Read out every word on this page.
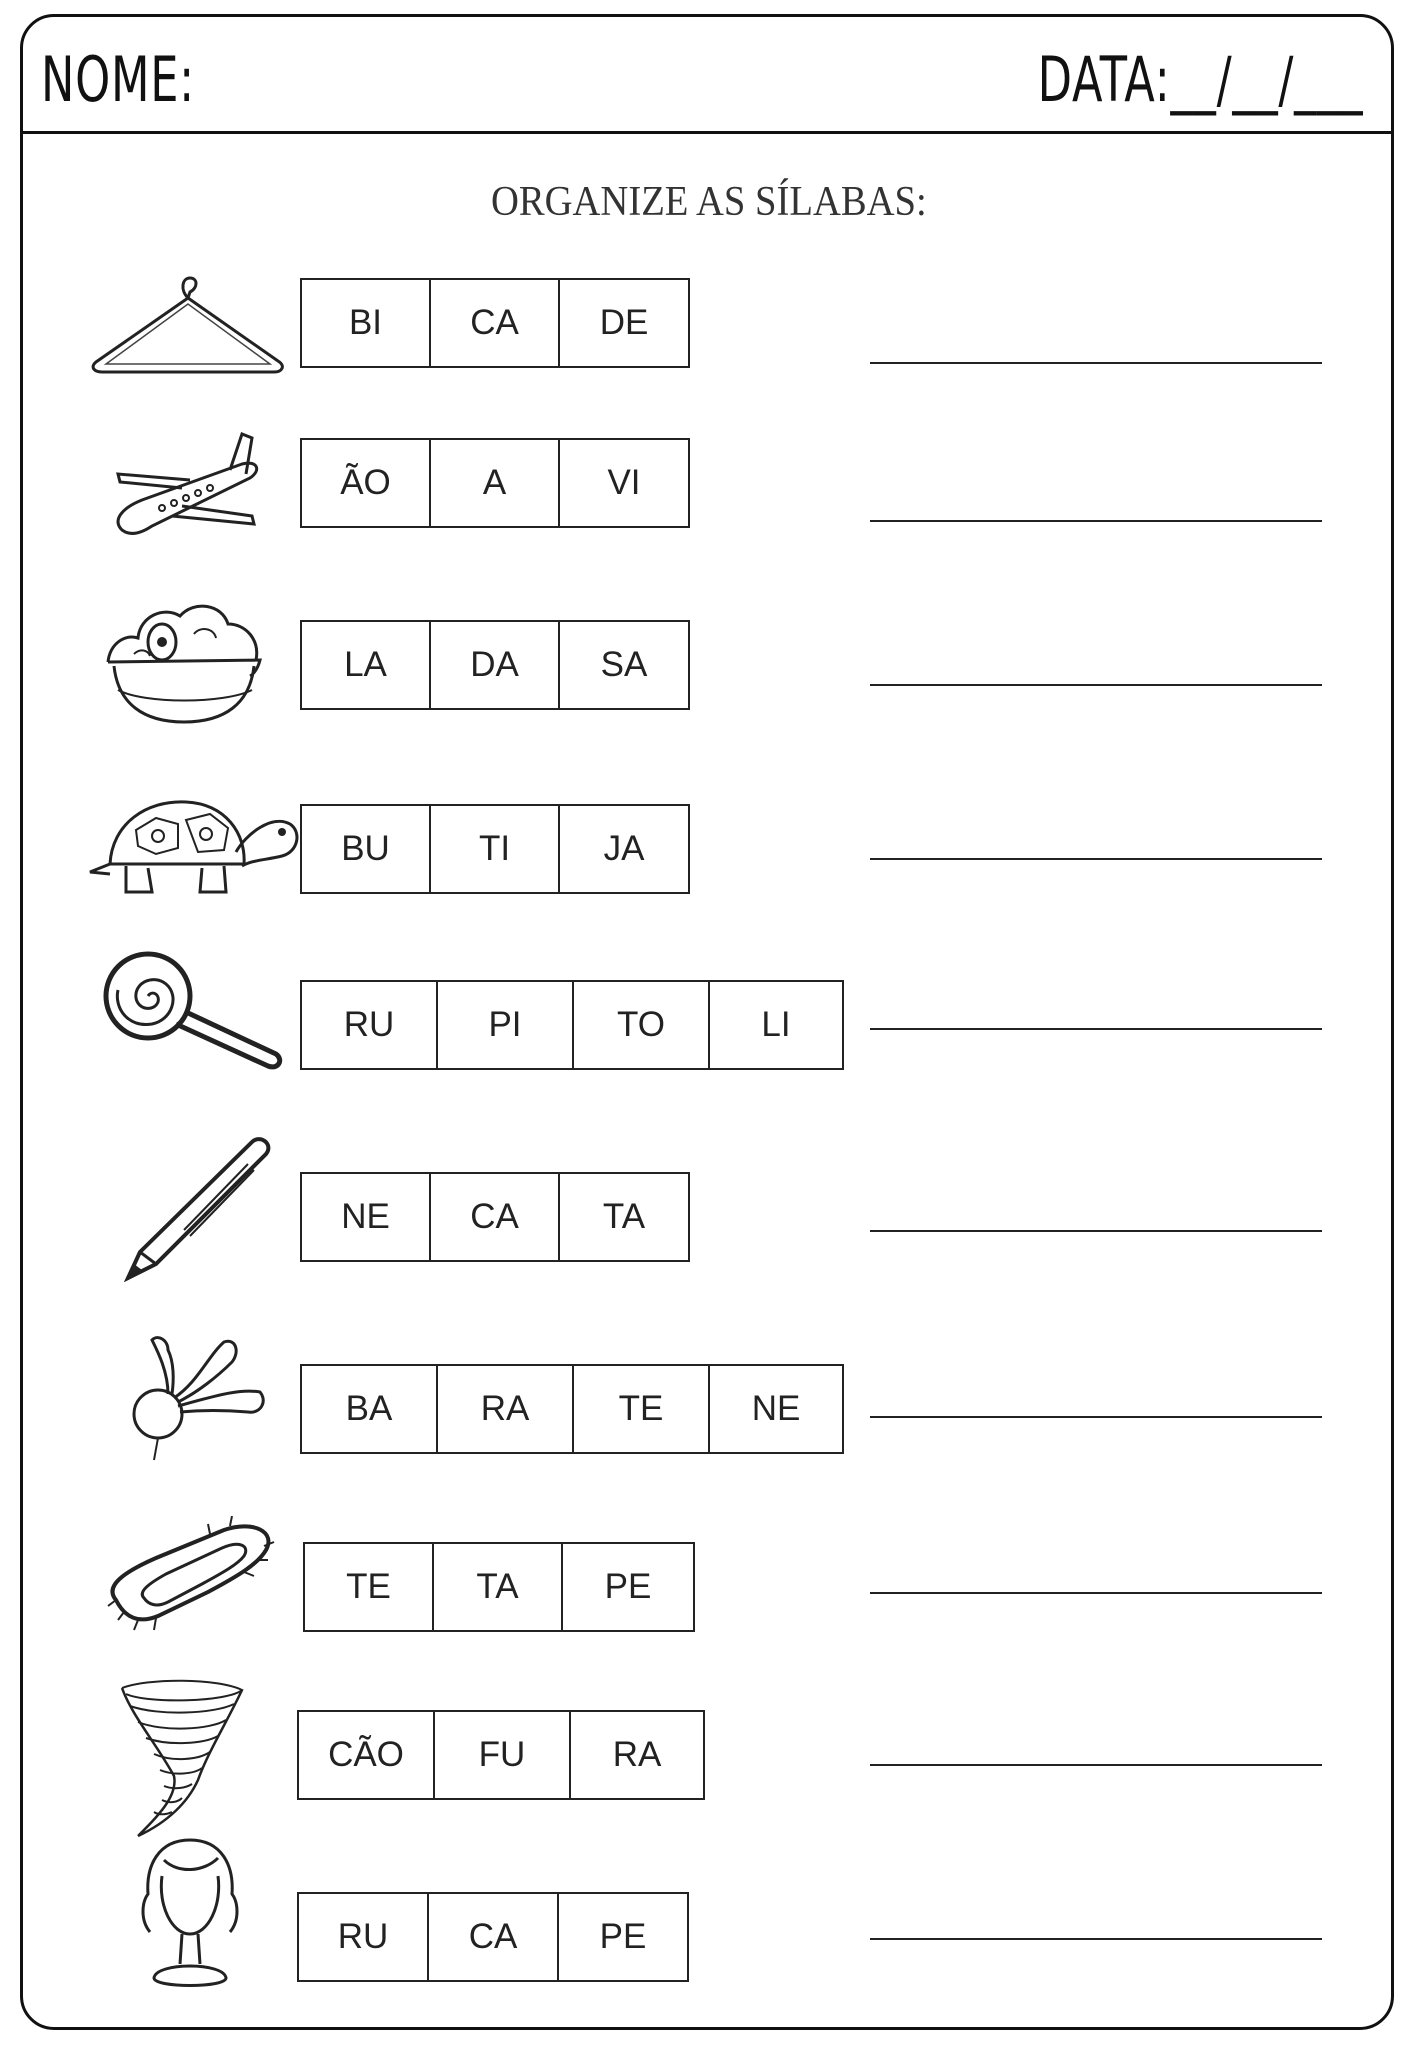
NOME:	DATA:__/__/___
ORGANIZE AS SÍLABAS:
BI	CA	DE
ÃO	A	VI
LA	DA	SA
BU	TI	JA
RU	PI	TO	LI
NE	CA	TA
BA	RA	TE	NE
TE	TA	PE
CÃO	FU	RA
RU	CA	PE
